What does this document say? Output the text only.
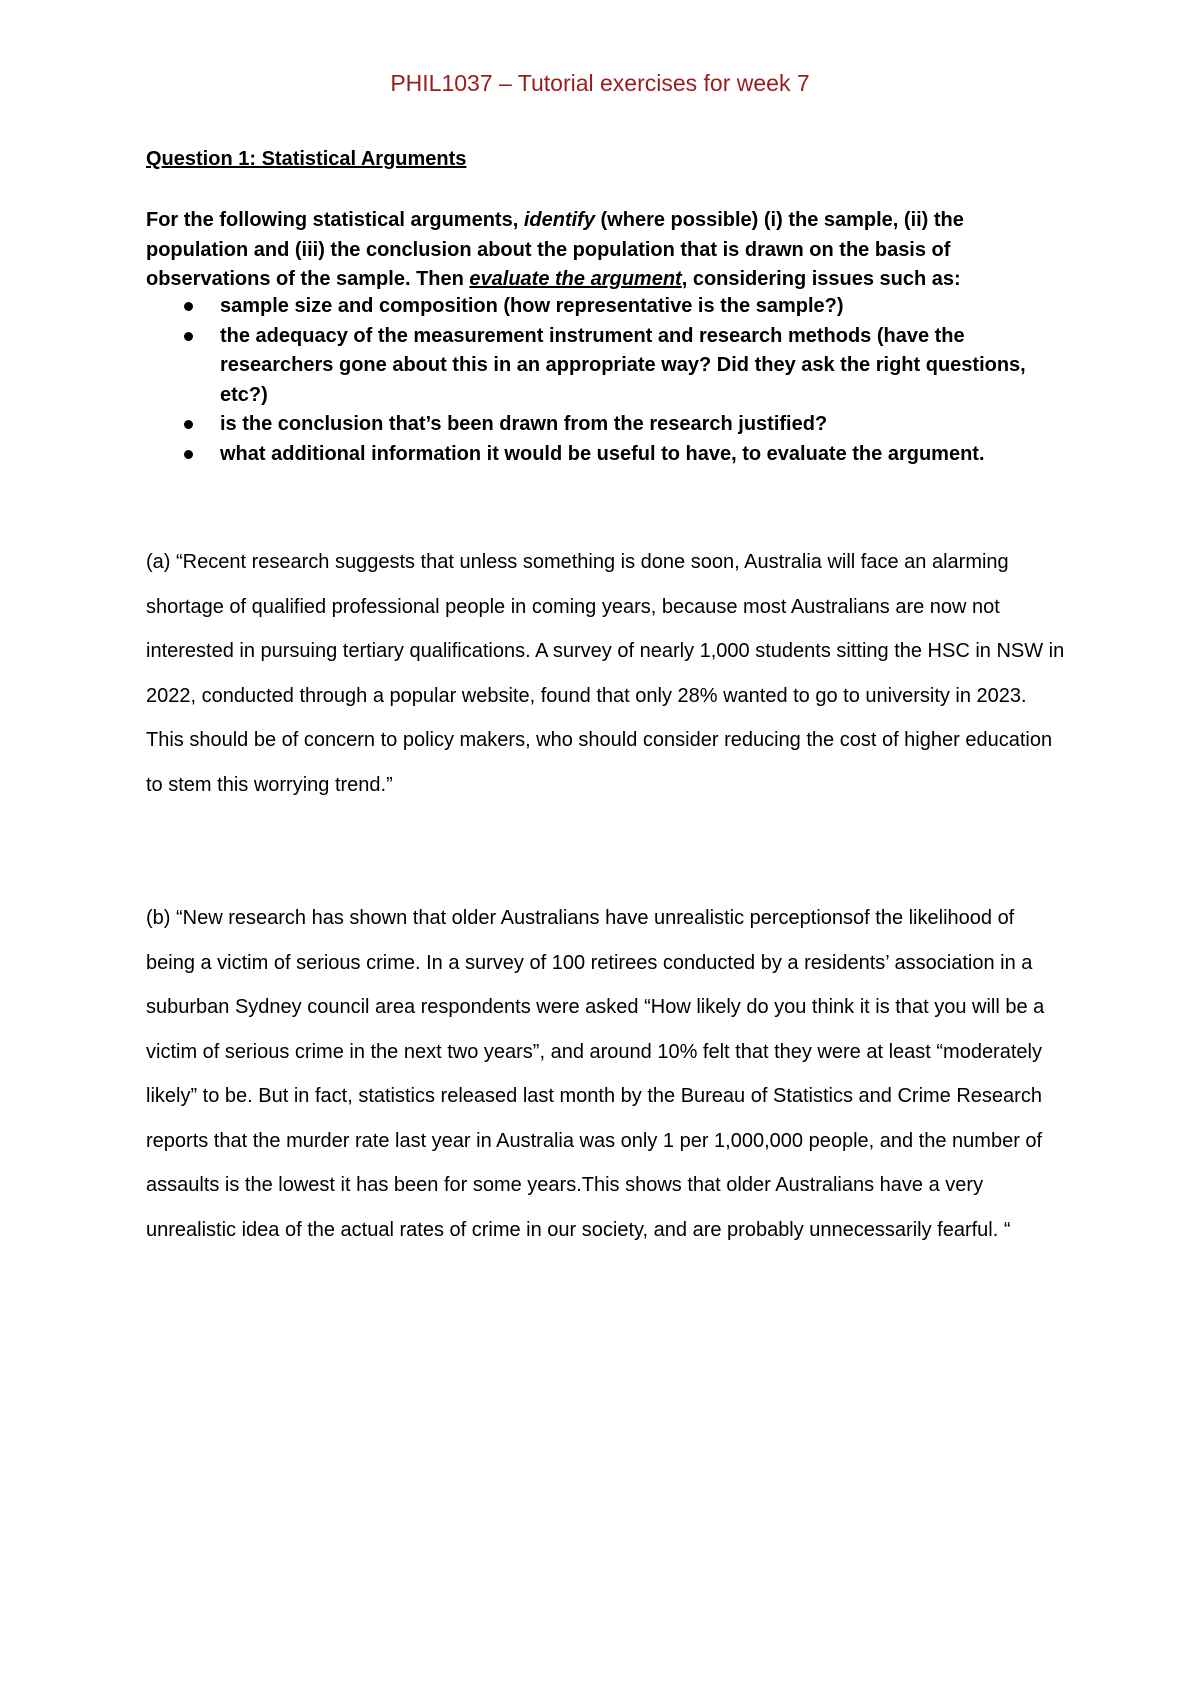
PHIL1037 – Tutorial exercises for week 7
Question 1: Statistical Arguments

For the following statistical arguments, identify (where possible) (i) the sample, (ii) the population and (iii) the conclusion about the population that is drawn on the basis of observations of the sample. Then evaluate the argument, considering issues such as:

sample size and composition (how representative is the sample?)
the adequacy of the measurement instrument and research methods (have the researchers gone about this in an appropriate way? Did they ask the right questions, etc?)
is the conclusion that’s been drawn from the research justified?
what additional information it would be useful to have, to evaluate the argument.

(a) “Recent research suggests that unless something is done soon, Australia will face an alarming shortage of qualified professional people in coming years, because most Australians are now not interested in pursuing tertiary qualifications. A survey of nearly 1,000 students sitting the HSC in NSW in 2022, conducted through a popular website, found that only 28% wanted to go to university in 2023. This should be of concern to policy makers, who should consider reducing the cost of higher education to stem this worrying trend.”

(b) “New research has shown that older Australians have unrealistic perceptionsof the likelihood of being a victim of serious crime. In a survey of 100 retirees conducted by a residents’ association in a suburban Sydney council area respondents were asked “How likely do you think it is that you will be a victim of serious crime in the next two years”, and around 10% felt that they were at least “moderately likely” to be. But in fact, statistics released last month by the Bureau of Statistics and Crime Research reports that the murder rate last year in Australia was only 1 per 1,000,000 people, and the number of assaults is the lowest it has been for some years.This shows that older Australians have a very unrealistic idea of the actual rates of crime in our society, and are probably unnecessarily fearful. “
